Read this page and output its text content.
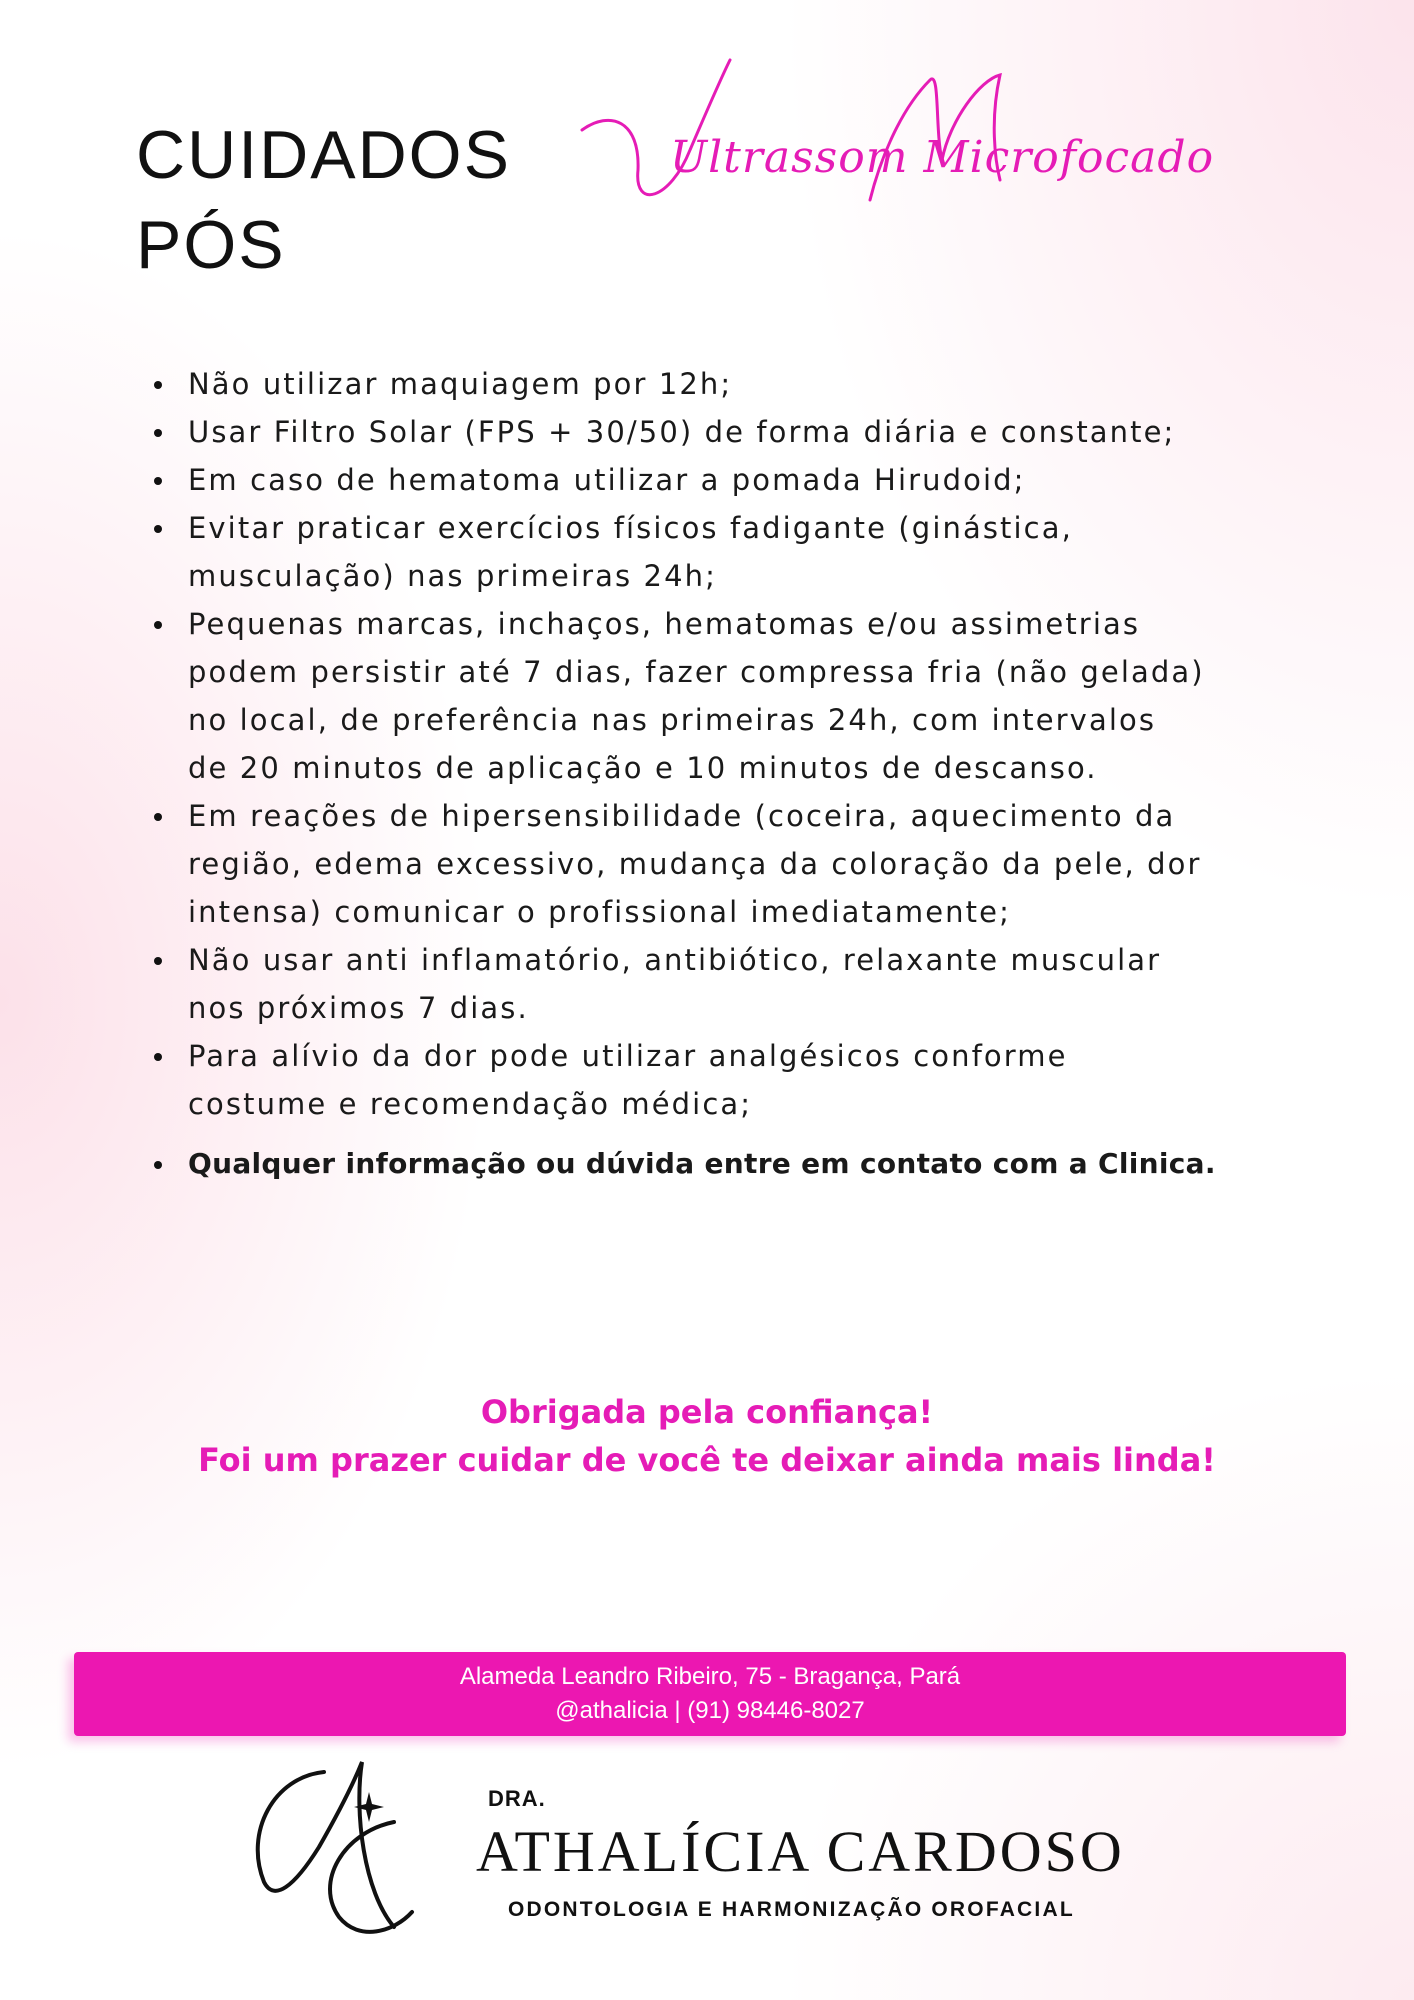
CUIDADOS
PÓS
Ultrassom Microfocado
Não utilizar maquiagem por 12h;
Usar Filtro Solar (FPS + 30/50) de forma diária e constante;
Em caso de hematoma utilizar a pomada Hirudoid;
Evitar praticar exercícios físicos fadigante (ginástica,
musculação) nas primeiras 24h;
Pequenas marcas, inchaços, hematomas e/ou assimetrias
podem persistir até 7 dias, fazer compressa fria (não gelada)
no local, de preferência nas primeiras 24h, com intervalos
de 20 minutos de aplicação e 10 minutos de descanso.
Em reações de hipersensibilidade (coceira, aquecimento da
região, edema excessivo, mudança da coloração da pele, dor
intensa) comunicar o profissional imediatamente;
Não usar anti inflamatório, antibiótico, relaxante muscular
nos próximos 7 dias.
Para alívio da dor pode utilizar analgésicos conforme
costume e recomendação médica;
Qualquer informação ou dúvida entre em contato com a Clinica.
Obrigada pela confiança!
Foi um prazer cuidar de você te deixar ainda mais linda!
Alameda Leandro Ribeiro, 75 - Bragança, Pará
@athalicia | (91) 98446-8027
DRA.
ATHALÍCIA CARDOSO
ODONTOLOGIA E HARMONIZAÇÃO OROFACIAL
